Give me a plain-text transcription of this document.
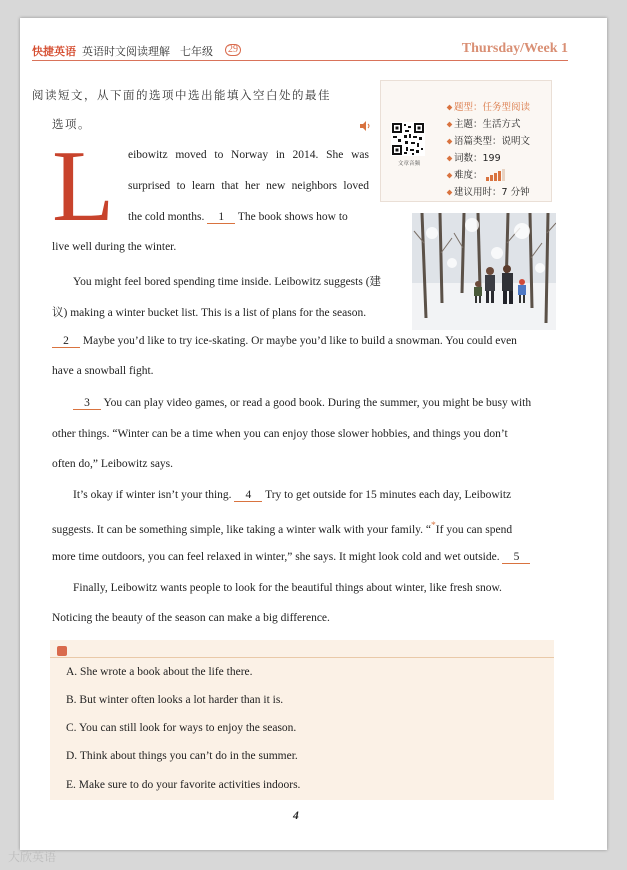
快捷英语 英语时文阅读理解 七年级	29	Thursday/Week 1
阅读短文，从下面的选项中选出能填入空白处的最佳
选项。
文章音频
题型：任务型阅读
主题：生活方式
语篇类型：说明文
词数：199
难度：
建议用时：7 分钟
L eibowitz moved to Norway in 2014. She was
surprised to learn that her new neighbors loved
the cold months. 1 The book shows how to
live well during the winter.
You might feel bored spending time inside. Leibowitz suggests (建
议) making a winter bucket list. This is a list of plans for the season.
2 Maybe you’d like to try ice-skating. Or maybe you’d like to build a snowman. You could even
have a snowball fight.
3 You can play video games, or read a good book. During the summer, you might be busy with
other things. “Winter can be a time when you can enjoy those slower hobbies, and things you don’t
often do,” Leibowitz says.
It’s okay if winter isn’t your thing. 4 Try to get outside for 15 minutes each day, Leibowitz
suggests. It can be something simple, like taking a winter walk with your family. “*If you can spend
more time outdoors, you can feel relaxed in winter,” she says. It might look cold and wet outside. 5
Finally, Leibowitz wants people to look for the beautiful things about winter, like fresh snow.
Noticing the beauty of the season can make a big difference.
A. She wrote a book about the life there.
B. But winter often looks a lot harder than it is.
C. You can still look for ways to enjoy the season.
D. Think about things you can’t do in the summer.
E. Make sure to do your favorite activities indoors.
4
大欣英语
